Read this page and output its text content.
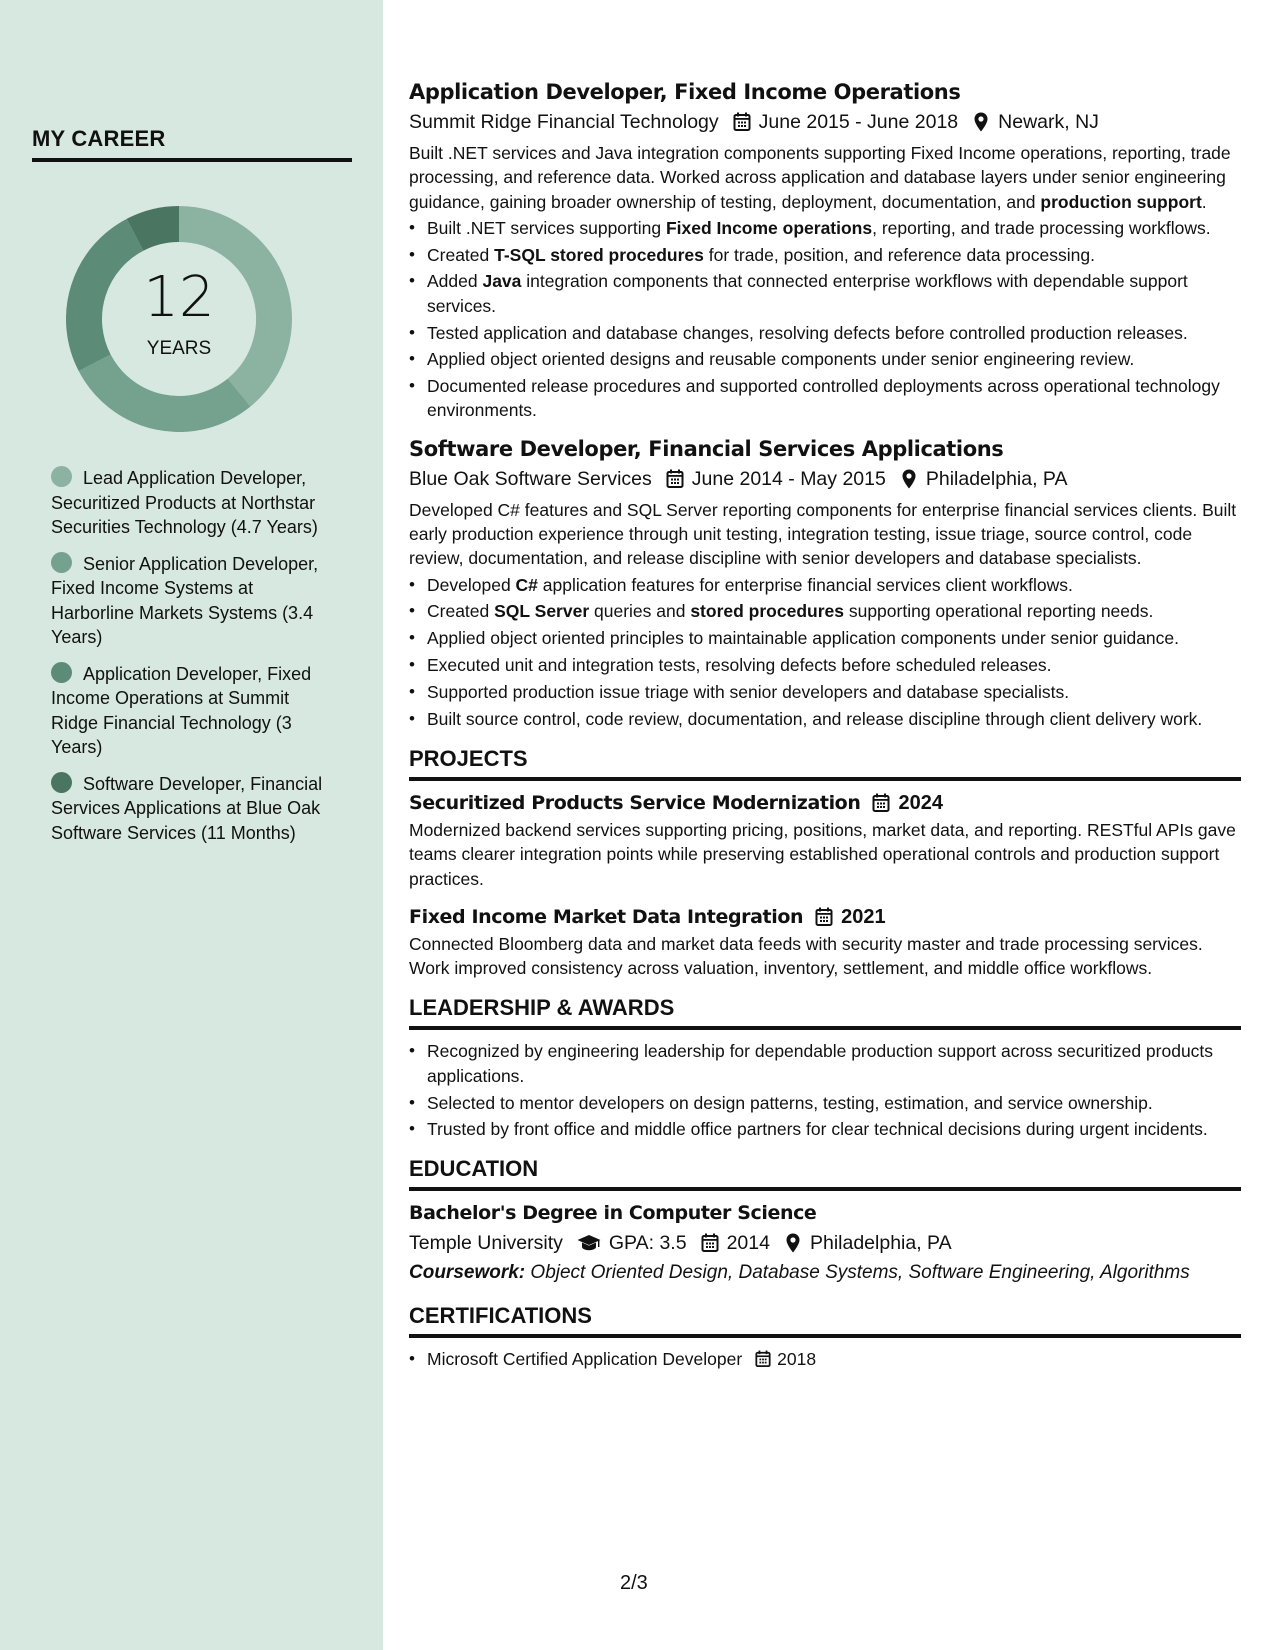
MY CAREER
12
YEARS
Lead Application Developer, Securitized Products at Northstar Securities Technology (4.7 Years)
Senior Application Developer, Fixed Income Systems at Harborline Markets Systems (3.4 Years)
Application Developer, Fixed Income Operations at Summit Ridge Financial Technology (3 Years)
Software Developer, Financial Services Applications at Blue Oak Software Services (11 Months)
Application Developer, Fixed Income Operations
Summit Ridge Financial Technology June 2015 - June 2018 Newark, NJ
Built .NET services and Java integration components supporting Fixed Income operations, reporting, trade processing, and reference data. Worked across application and database layers under senior engineering guidance, gaining broader ownership of testing, deployment, documentation, and production support.
• Built .NET services supporting Fixed Income operations, reporting, and trade processing workflows.
• Created T-SQL stored procedures for trade, position, and reference data processing.
• Added Java integration components that connected enterprise workflows with dependable support services.
• Tested application and database changes, resolving defects before controlled production releases.
• Applied object oriented designs and reusable components under senior engineering review.
• Documented release procedures and supported controlled deployments across operational technology environments.
Software Developer, Financial Services Applications
Blue Oak Software Services June 2014 - May 2015 Philadelphia, PA
Developed C# features and SQL Server reporting components for enterprise financial services clients. Built early production experience through unit testing, integration testing, issue triage, source control, code review, documentation, and release discipline with senior developers and database specialists.
• Developed C# application features for enterprise financial services client workflows.
• Created SQL Server queries and stored procedures supporting operational reporting needs.
• Applied object oriented principles to maintainable application components under senior guidance.
• Executed unit and integration tests, resolving defects before scheduled releases.
• Supported production issue triage with senior developers and database specialists.
• Built source control, code review, documentation, and release discipline through client delivery work.
PROJECTS
Securitized Products Service Modernization 2024
Modernized backend services supporting pricing, positions, market data, and reporting. RESTful APIs gave teams clearer integration points while preserving established operational controls and production support practices.
Fixed Income Market Data Integration 2021
Connected Bloomberg data and market data feeds with security master and trade processing services. Work improved consistency across valuation, inventory, settlement, and middle office workflows.
LEADERSHIP & AWARDS
• Recognized by engineering leadership for dependable production support across securitized products applications.
• Selected to mentor developers on design patterns, testing, estimation, and service ownership.
• Trusted by front office and middle office partners for clear technical decisions during urgent incidents.
EDUCATION
Bachelor's Degree in Computer Science
Temple University GPA: 3.5 2014 Philadelphia, PA
Coursework: Object Oriented Design, Database Systems, Software Engineering, Algorithms
CERTIFICATIONS
• Microsoft Certified Application Developer 2018
2/3
